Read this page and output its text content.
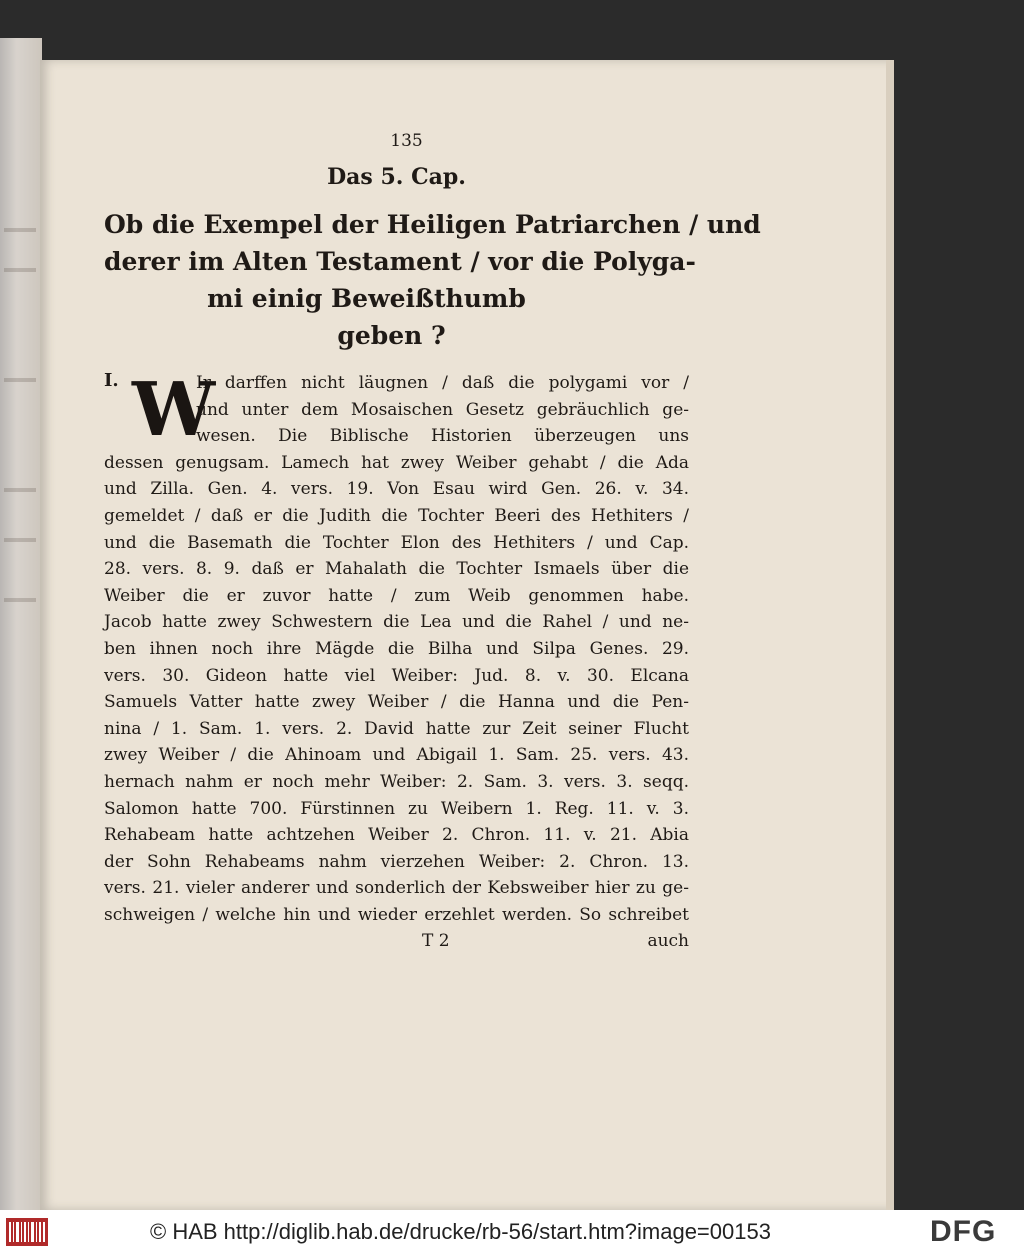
135
Das 5. Cap.
Ob die Exempel der Heiligen Patriarchen / und
derer im Alten Testament / vor die Polyga-
mi einig Beweißthumb
geben ?
I. W
Ir darffen nicht läugnen / daß die polygami vor /
und unter dem Mosaischen Gesetz gebräuchlich ge-
wesen. Die Biblische Historien überzeugen uns
dessen genugsam. Lamech hat zwey Weiber gehabt / die Ada
und Zilla. Gen. 4. vers. 19. Von Esau wird Gen. 26. v. 34.
gemeldet / daß er die Judith die Tochter Beeri des Hethiters /
und die Basemath die Tochter Elon des Hethiters / und Cap.
28. vers. 8. 9. daß er Mahalath die Tochter Ismaels über die
Weiber die er zuvor hatte / zum Weib genommen habe.
Jacob hatte zwey Schwestern die Lea und die Rahel / und ne-
ben ihnen noch ihre Mägde die Bilha und Silpa Genes. 29.
vers. 30. Gideon hatte viel Weiber: Jud. 8. v. 30. Elcana
Samuels Vatter hatte zwey Weiber / die Hanna und die Pen-
nina / 1. Sam. 1. vers. 2. David hatte zur Zeit seiner Flucht
zwey Weiber / die Ahinoam und Abigail 1. Sam. 25. vers. 43.
hernach nahm er noch mehr Weiber: 2. Sam. 3. vers. 3. seqq.
Salomon hatte 700. Fürstinnen zu Weibern 1. Reg. 11. v. 3.
Rehabeam hatte achtzehen Weiber 2. Chron. 11. v. 21. Abia
der Sohn Rehabeams nahm vierzehen Weiber: 2. Chron. 13.
vers. 21. vieler anderer und sonderlich der Kebsweiber hier zu ge-
schweigen / welche hin und wieder erzehlet werden. So schreibet
T 2	auch
© HAB http://diglib.hab.de/drucke/rb-56/start.htm?image=00153	DFG
